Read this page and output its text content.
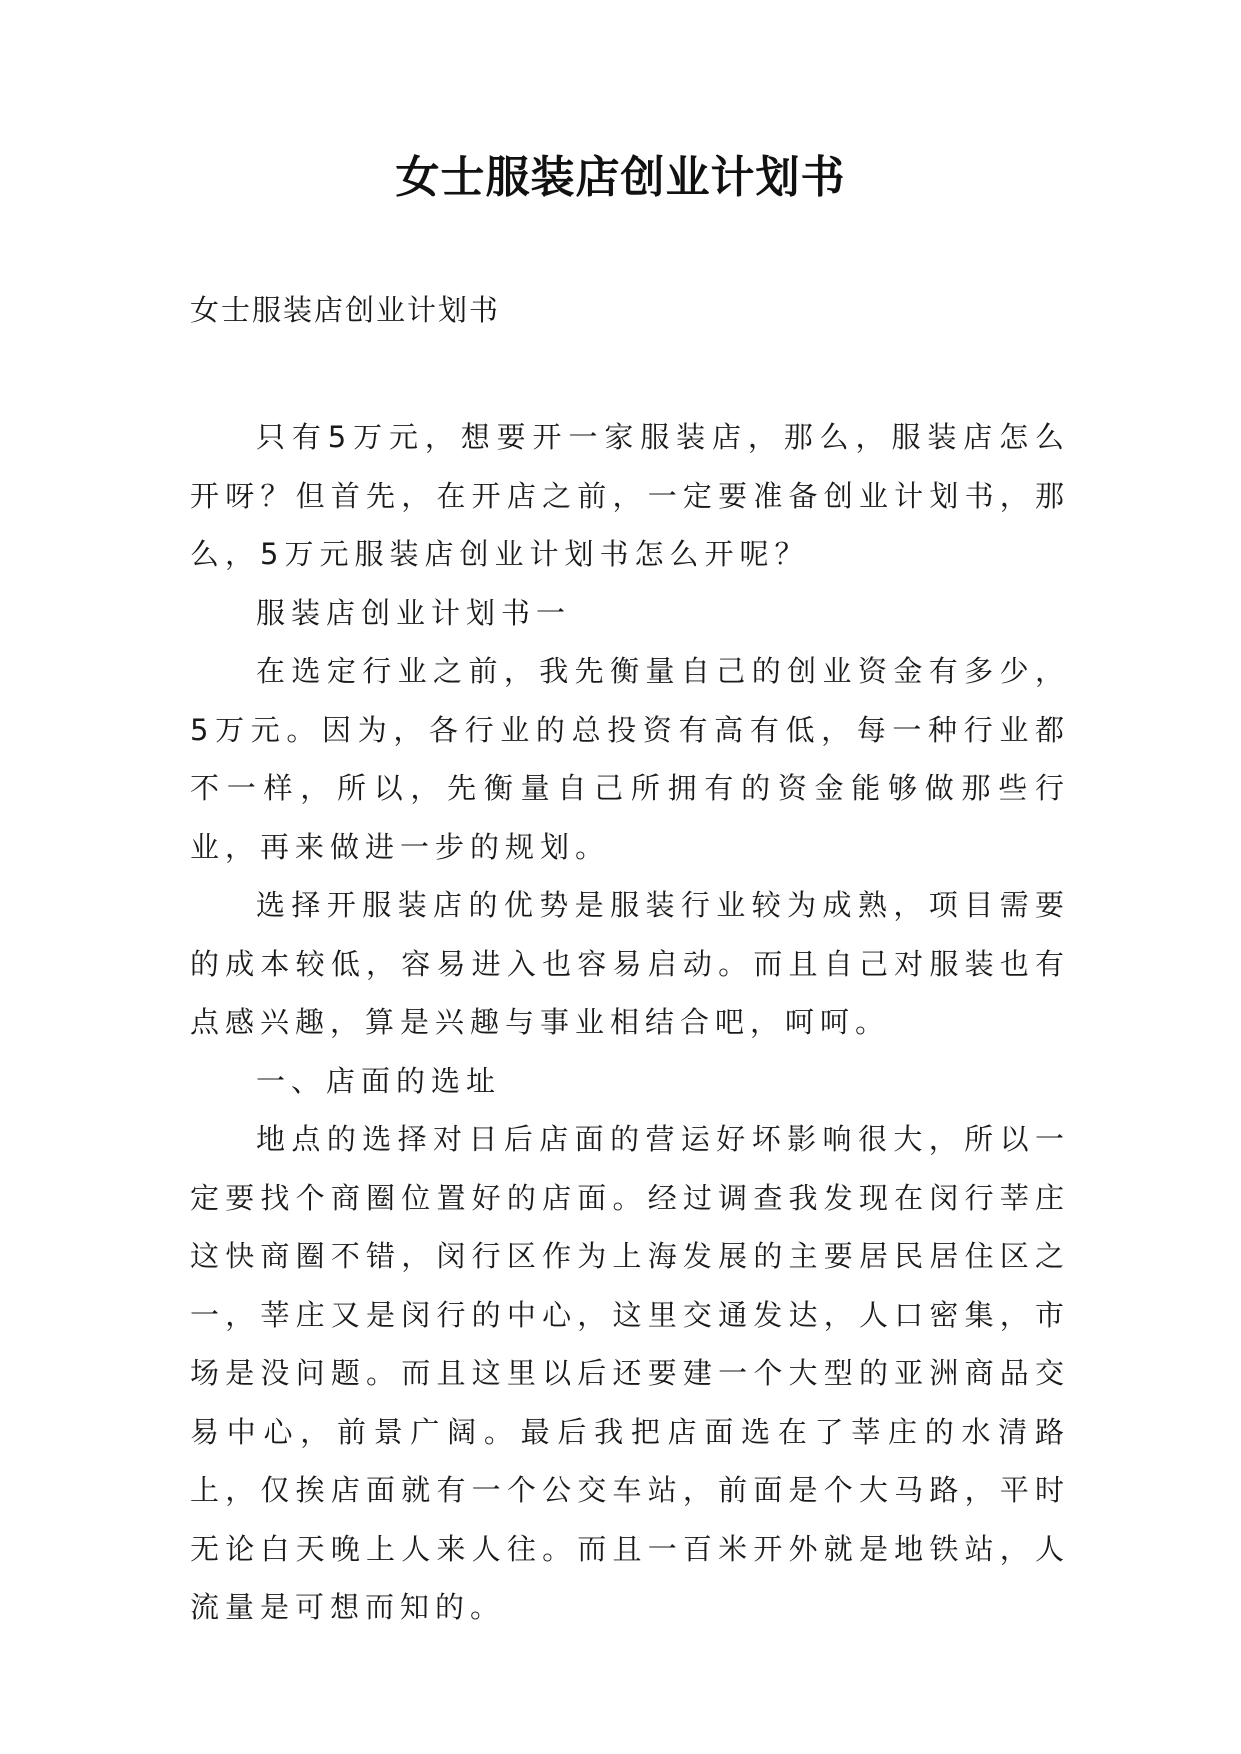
女士服装店创业计划书

女士服装店创业计划书

只有5万元，想要开一家服装店，那么，服装店怎么开呀？但首先，在开店之前，一定要准备创业计划书，那么，5万元服装店创业计划书怎么开呢？

服装店创业计划书一

在选定行业之前，我先衡量自己的创业资金有多少，5万元。因为，各行业的总投资有高有低，每一种行业都不一样，所以，先衡量自己所拥有的资金能够做那些行业，再来做进一步的规划。

选择开服装店的优势是服装行业较为成熟，项目需要的成本较低，容易进入也容易启动。而且自己对服装也有点感兴趣，算是兴趣与事业相结合吧，呵呵。

一、店面的选址

地点的选择对日后店面的营运好坏影响很大，所以一定要找个商圈位置好的店面。经过调查我发现在闵行莘庄这快商圈不错，闵行区作为上海发展的主要居民居住区之一，莘庄又是闵行的中心，这里交通发达，人口密集，市场是没问题。而且这里以后还要建一个大型的亚洲商品交易中心，前景广阔。最后我把店面选在了莘庄的水清路上，仅挨店面就有一个公交车站，前面是个大马路，平时无论白天晚上人来人往。而且一百米开外就是地铁站，人流量是可想而知的。
